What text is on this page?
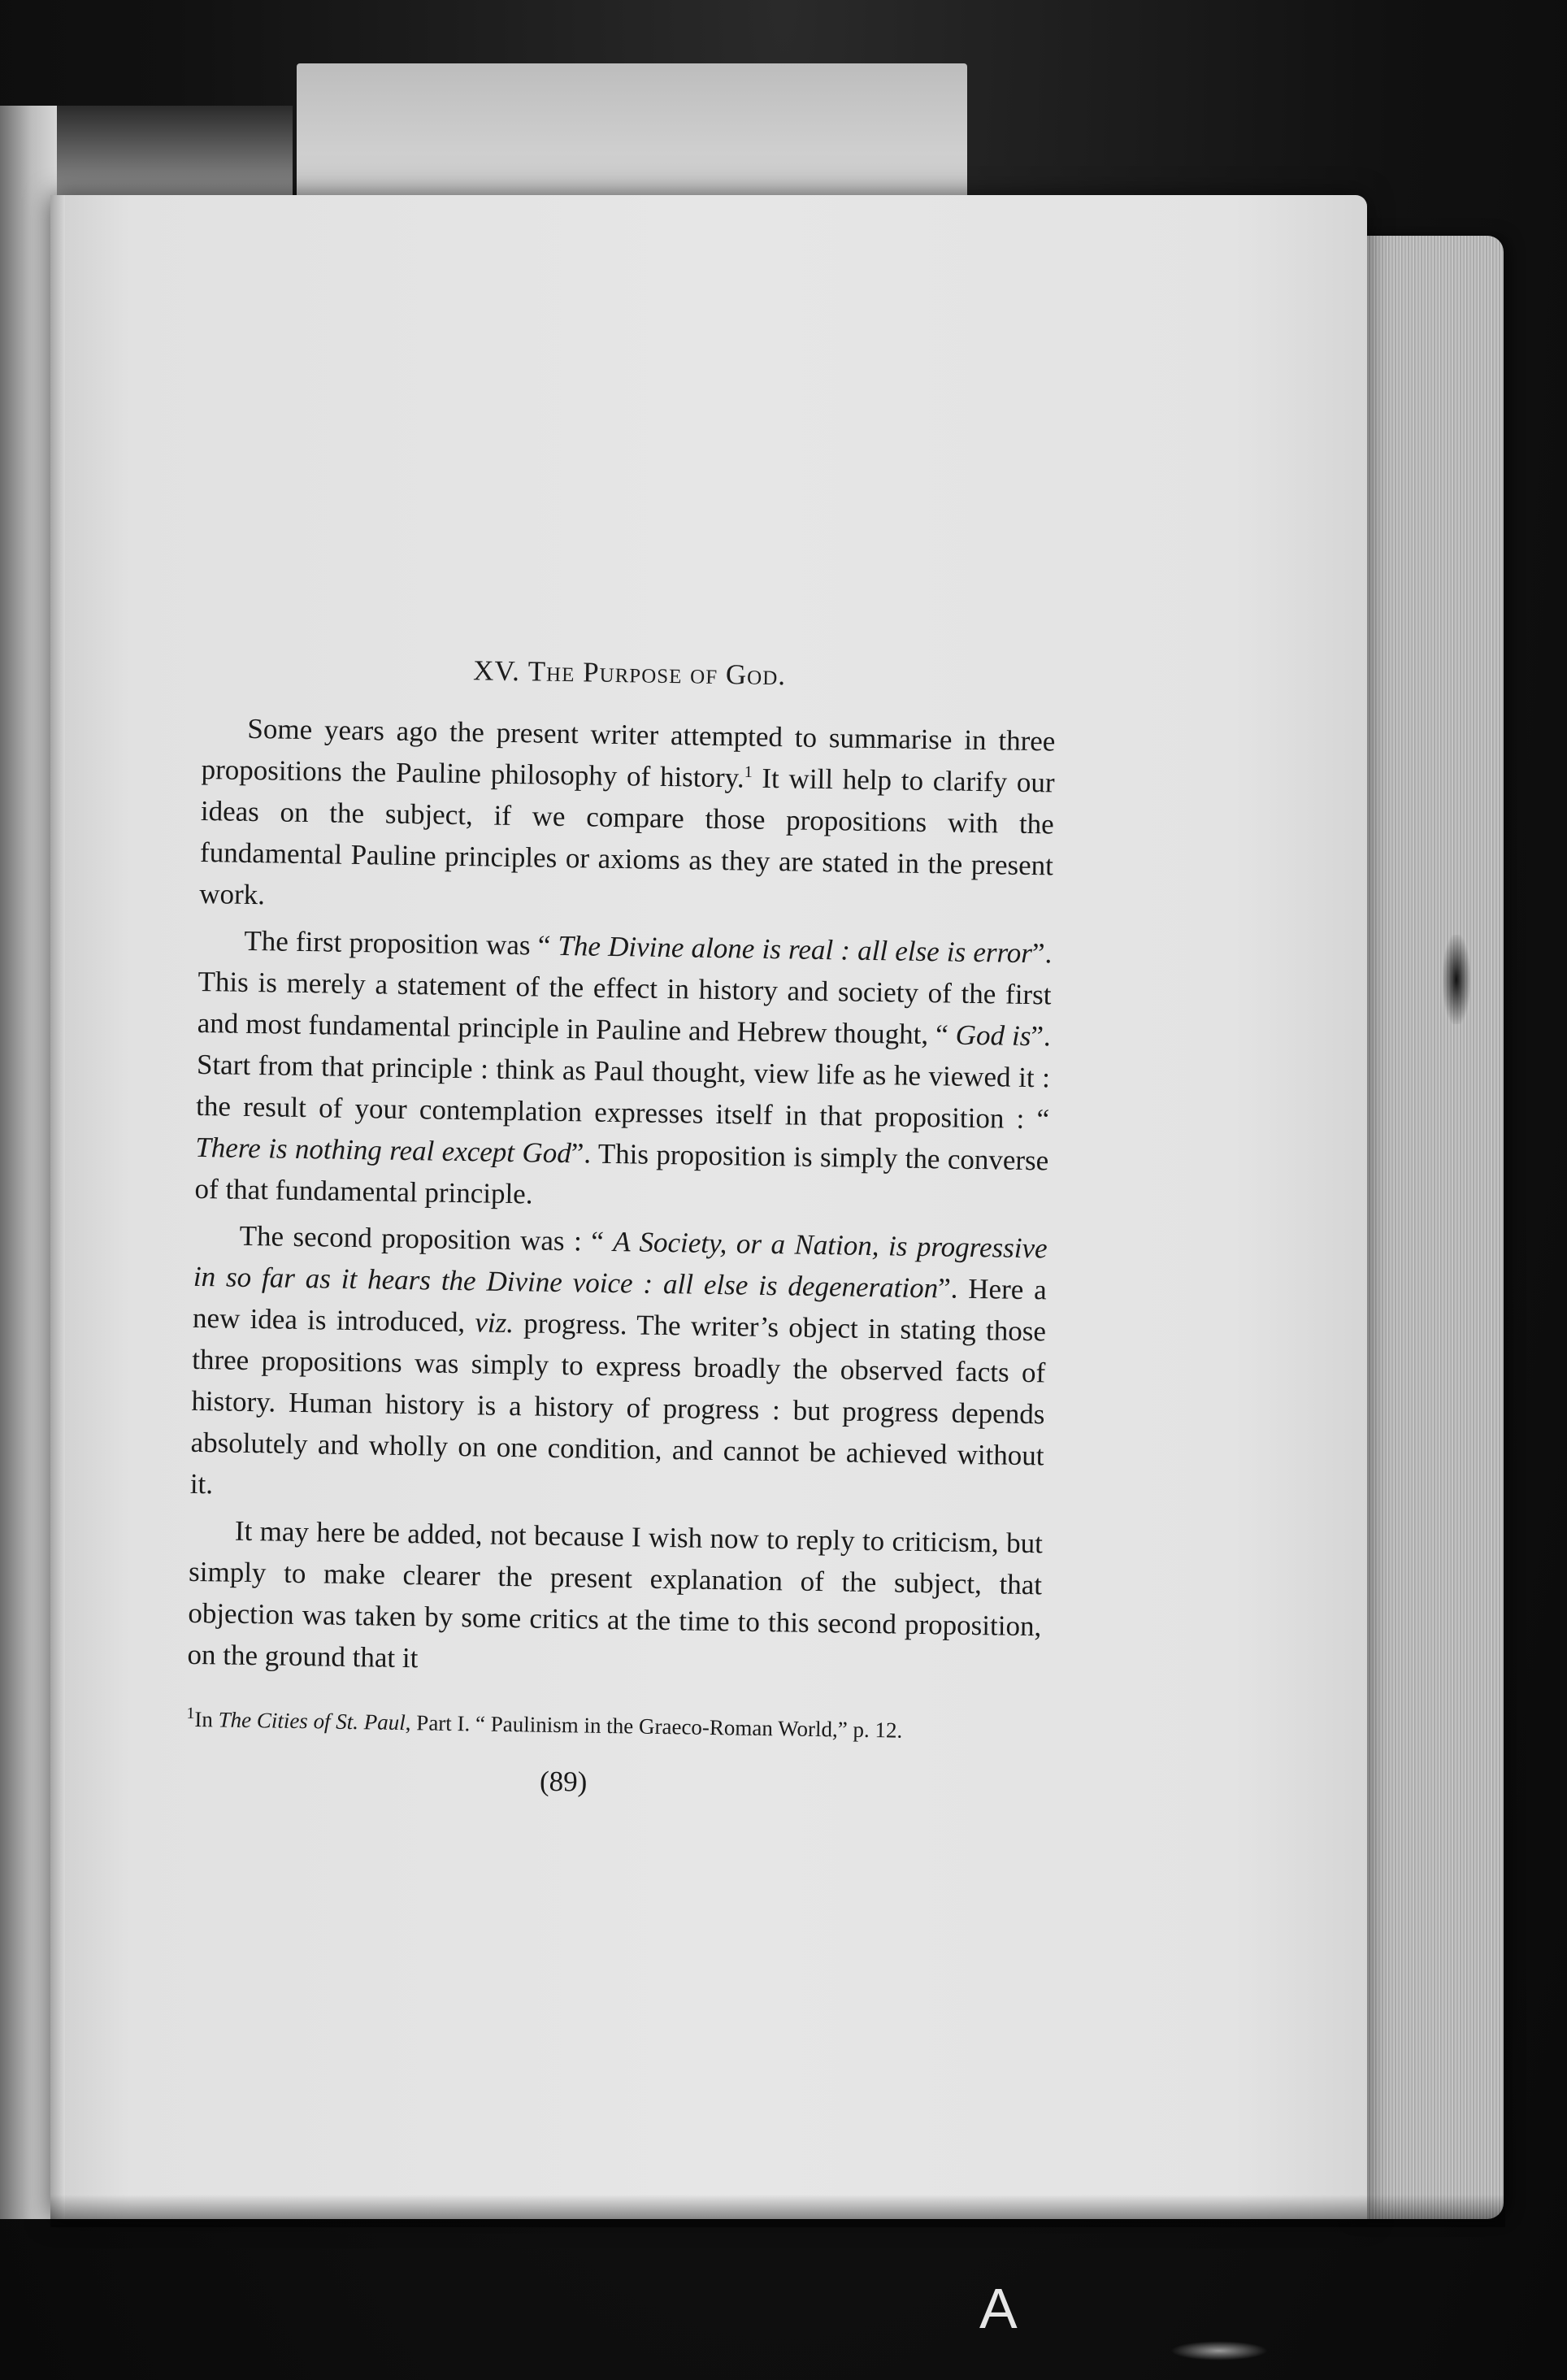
XV. The Purpose of God.

Some years ago the present writer attempted to summarise in three propositions the Pauline philosophy of history.$^1$ It will help to clarify our ideas on the subject, if we compare those propositions with the fundamental Pauline principles or axioms as they are stated in the present work.

The first proposition was “ The Divine alone is real : all else is error”. This is merely a statement of the effect in history and society of the first and most fundamental principle in Pauline and Hebrew thought, “ God is”. Start from that principle : think as Paul thought, view life as he viewed it : the result of your contemplation expresses itself in that proposition : “ There is nothing real except God”. This proposition is simply the converse of that fundamental principle.

The second proposition was : “ A Society, or a Nation, is progressive in so far as it hears the Divine voice : all else is degeneration”. Here a new idea is introduced, viz. progress. The writer’s object in stating those three propositions was simply to express broadly the observed facts of history. Human history is a history of progress : but progress depends absolutely and wholly on one condition, and cannot be achieved without it.

It may here be added, not because I wish now to reply to criticism, but simply to make clearer the present explanation of the subject, that objection was taken by some critics at the time to this second proposition, on the ground that it

$^1$In The Cities of St. Paul, Part I. “ Paulinism in the Graeco-Roman World,” p. 12.
(89)
A
